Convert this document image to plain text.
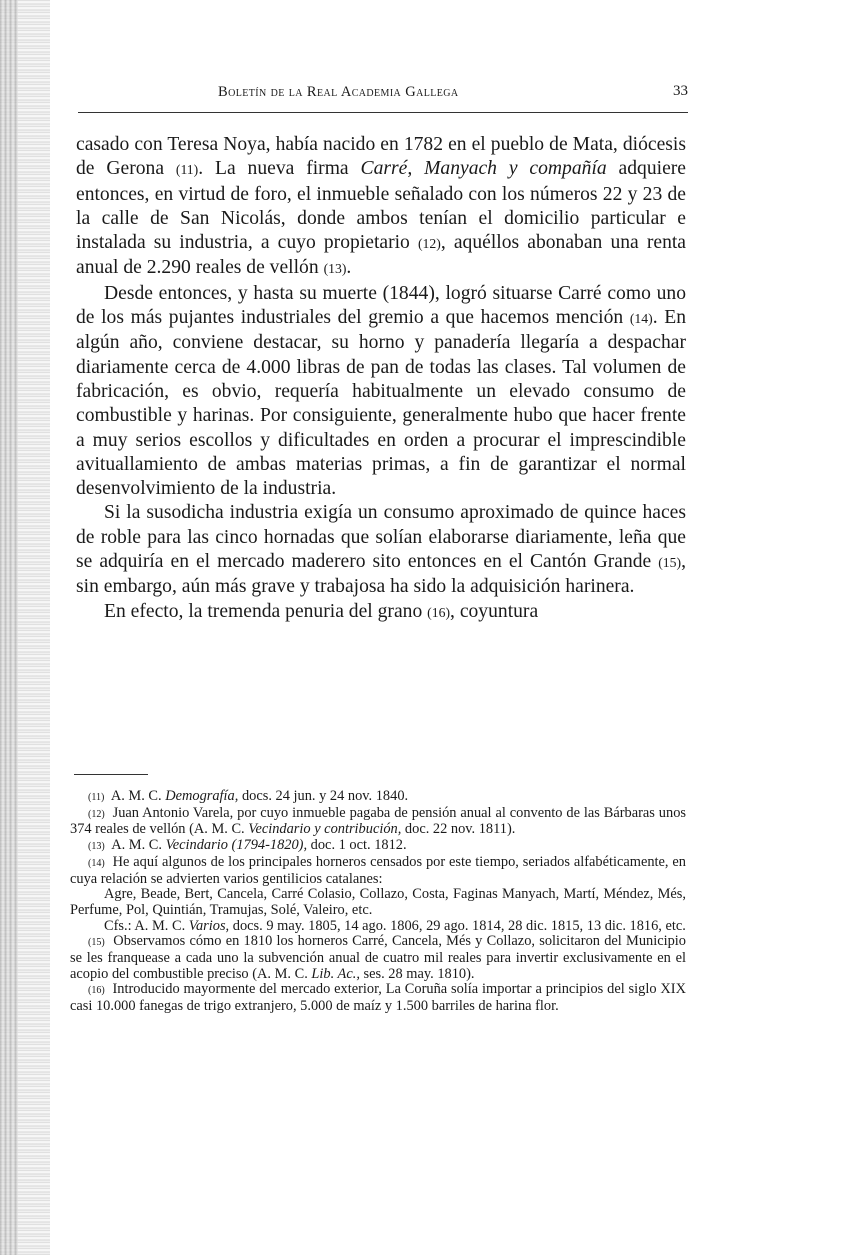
Boletín de la Real Academia Gallega	33

casado con Teresa Noya, había nacido en 1782 en el pueblo de Mata, diócesis de Gerona (11). La nueva firma Carré, Manyach y compañía adquiere entonces, en virtud de foro, el inmueble señalado con los números 22 y 23 de la calle de San Nicolás, donde ambos tenían el domicilio particular e instalada su industria, a cuyo propietario (12), aquéllos abonaban una renta anual de 2.290 reales de vellón (13).

Desde entonces, y hasta su muerte (1844), logró situarse Carré como uno de los más pujantes industriales del gremio a que hacemos mención (14). En algún año, conviene destacar, su horno y panadería llegaría a despachar diariamente cerca de 4.000 libras de pan de todas las clases. Tal volumen de fabricación, es obvio, requería habitualmente un elevado consumo de combustible y harinas. Por consiguiente, generalmente hubo que hacer frente a muy serios escollos y dificultades en orden a procurar el imprescindible avituallamiento de ambas materias primas, a fin de garantizar el normal desenvolvimiento de la industria.

Si la susodicha industria exigía un consumo aproximado de quince haces de roble para las cinco hornadas que solían elaborarse diariamente, leña que se adquiría en el mercado maderero sito entonces en el Cantón Grande (15), sin embargo, aún más grave y trabajosa ha sido la adquisición harinera.

En efecto, la tremenda penuria del grano (16), coyuntura

(11) A. M. C. Demografía, docs. 24 jun. y 24 nov. 1840.

(12) Juan Antonio Varela, por cuyo inmueble pagaba de pensión anual al convento de las Bárbaras unos 374 reales de vellón (A. M. C. Vecindario y contribución, doc. 22 nov. 1811).

(13) A. M. C. Vecindario (1794-1820), doc. 1 oct. 1812.

(14) He aquí algunos de los principales horneros censados por este tiempo, seriados alfabéticamente, en cuya relación se advierten varios gentilicios catalanes:

Agre, Beade, Bert, Cancela, Carré Colasio, Collazo, Costa, Faginas Manyach, Martí, Méndez, Més, Perfume, Pol, Quintián, Tramujas, Solé, Valeiro, etc.

Cfs.: A. M. C. Varios, docs. 9 may. 1805, 14 ago. 1806, 29 ago. 1814, 28 dic. 1815, 13 dic. 1816, etc.

(15) Observamos cómo en 1810 los horneros Carré, Cancela, Més y Collazo, solicitaron del Municipio se les franquease a cada uno la subvención anual de cuatro mil reales para invertir exclusivamente en el acopio del combustible preciso (A. M. C. Lib. Ac., ses. 28 may. 1810).

(16) Introducido mayormente del mercado exterior, La Coruña solía importar a principios del siglo XIX casi 10.000 fanegas de trigo extranjero, 5.000 de maíz y 1.500 barriles de harina flor.
